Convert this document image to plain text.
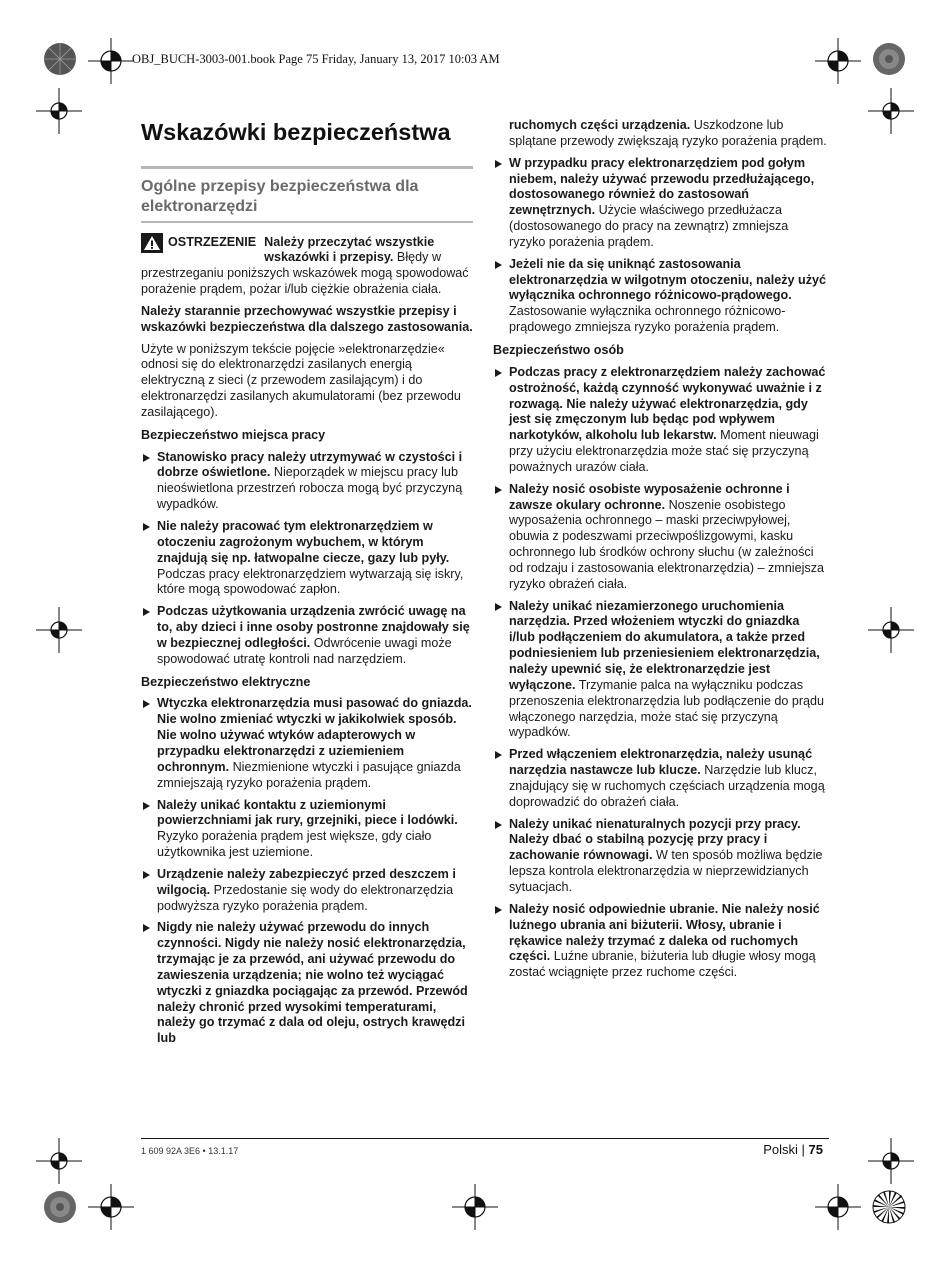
OBJ_BUCH-3003-001.book Page 75 Friday, January 13, 2017 10:03 AM
Wskazówki bezpieczeństwa
Ogólne przepisy bezpieczeństwa dla elektronarzędzi
OSTRZEZENIE Należy przeczytać wszystkie wskazówki i przepisy. Błędy w przestrzeganiu poniższych wskazówek mogą spowodować porażenie prądem, pożar i/lub ciężkie obrażenia ciała.

Należy starannie przechowywać wszystkie przepisy i wskazówki bezpieczeństwa dla dalszego zastosowania.

Użyte w poniższym tekście pojęcie »elektronarzędzie« odnosi się do elektronarzędzi zasilanych energią elektryczną z sieci (z przewodem zasilającym) i do elektronarzędzi zasilanych akumulatorami (bez przewodu zasilającego).

Bezpieczeństwo miejsca pracy
Stanowisko pracy należy utrzymywać w czystości i dobrze oświetlone. Nieporządek w miejscu pracy lub nieoświetlona przestrzeń robocza mogą być przyczyną wypadków.
Nie należy pracować tym elektronarzędziem w otoczeniu zagrożonym wybuchem, w którym znajdują się np. łatwopalne ciecze, gazy lub pyły. Podczas pracy elektronarzędziem wytwarzają się iskry, które mogą spowodować zapłon.
Podczas użytkowania urządzenia zwrócić uwagę na to, aby dzieci i inne osoby postronne znajdowały się w bezpiecznej odległości. Odwrócenie uwagi może spowodować utratę kontroli nad narzędziem.
Bezpieczeństwo elektryczne
Wtyczka elektronarzędzia musi pasować do gniazda. Nie wolno zmieniać wtyczki w jakikolwiek sposób. Nie wolno używać wtyków adapterowych w przypadku elektronarzędzi z uziemieniem ochronnym. Niezmienione wtyczki i pasujące gniazda zmniejszają ryzyko porażenia prądem.
Należy unikać kontaktu z uziemionymi powierzchniami jak rury, grzejniki, piece i lodówki. Ryzyko porażenia prądem jest większe, gdy ciało użytkownika jest uziemione.
Urządzenie należy zabezpieczyć przed deszczem i wilgocią. Przedostanie się wody do elektronarzędzia podwyższa ryzyko porażenia prądem.
Nigdy nie należy używać przewodu do innych czynności. Nigdy nie należy nosić elektronarzędzia, trzymając je za przewód, ani używać przewodu do zawieszenia urządzenia; nie wolno też wyciągać wtyczki z gniazdka pociągając za przewód. Przewód należy chronić przed wysokimi temperaturami, należy go trzymać z dala od oleju, ostrych krawędzi lub
ruchomych części urządzenia. Uszkodzone lub splątane przewody zwiększają ryzyko porażenia prądem.
W przypadku pracy elektronarzędziem pod gołym niebem, należy używać przewodu przedłużającego, dostosowanego również do zastosowań zewnętrznych. Użycie właściwego przedłużacza (dostosowanego do pracy na zewnątrz) zmniejsza ryzyko porażenia prądem.
Jeżeli nie da się uniknąć zastosowania elektronarzędzia w wilgotnym otoczeniu, należy użyć wyłącznika ochronnego różnicowo-prądowego. Zastosowanie wyłącznika ochronnego różnicowo-prądowego zmniejsza ryzyko porażenia prądem.
Bezpieczeństwo osób
Podczas pracy z elektronarzędziem należy zachować ostrożność, każdą czynność wykonywać uważnie i z rozwagą. Nie należy używać elektronarzędzia, gdy jest się zmęczonym lub będąc pod wpływem narkotyków, alkoholu lub lekarstw. Moment nieuwagi przy użyciu elektronarzędzia może stać się przyczyną poważnych urazów ciała.
Należy nosić osobiste wyposażenie ochronne i zawsze okulary ochronne. Noszenie osobistego wyposażenia ochronnego – maski przeciwpyłowej, obuwia z podeszwami przeciwpoślizgowymi, kasku ochronnego lub środków ochrony słuchu (w zależności od rodzaju i zastosowania elektronarzędzia) – zmniejsza ryzyko obrażeń ciała.
Należy unikać niezamierzonego uruchomienia narzędzia. Przed włożeniem wtyczki do gniazdka i/lub podłączeniem do akumulatora, a także przed podniesieniem lub przeniesieniem elektronarzędzia, należy upewnić się, że elektronarzędzie jest wyłączone. Trzymanie palca na wyłączniku podczas przenoszenia elektronarzędzia lub podłączenie do prądu włączonego narzędzia, może stać się przyczyną wypadków.
Przed włączeniem elektronarzędzia, należy usunąć narzędzia nastawcze lub klucze. Narzędzie lub klucz, znajdujący się w ruchomych częściach urządzenia mogą doprowadzić do obrażeń ciała.
Należy unikać nienaturalnych pozycji przy pracy. Należy dbać o stabilną pozycję przy pracy i zachowanie równowagi. W ten sposób możliwa będzie lepsza kontrola elektronarzędzia w nieprzewidzianych sytuacjach.
Należy nosić odpowiednie ubranie. Nie należy nosić luźnego ubrania ani biżuterii. Włosy, ubranie i rękawice należy trzymać z daleka od ruchomych części. Luźne ubranie, biżuteria lub długie włosy mogą zostać wciągnięte przez ruchome części.
1 609 92A 3E6 • 13.1.17	Polski | 75
